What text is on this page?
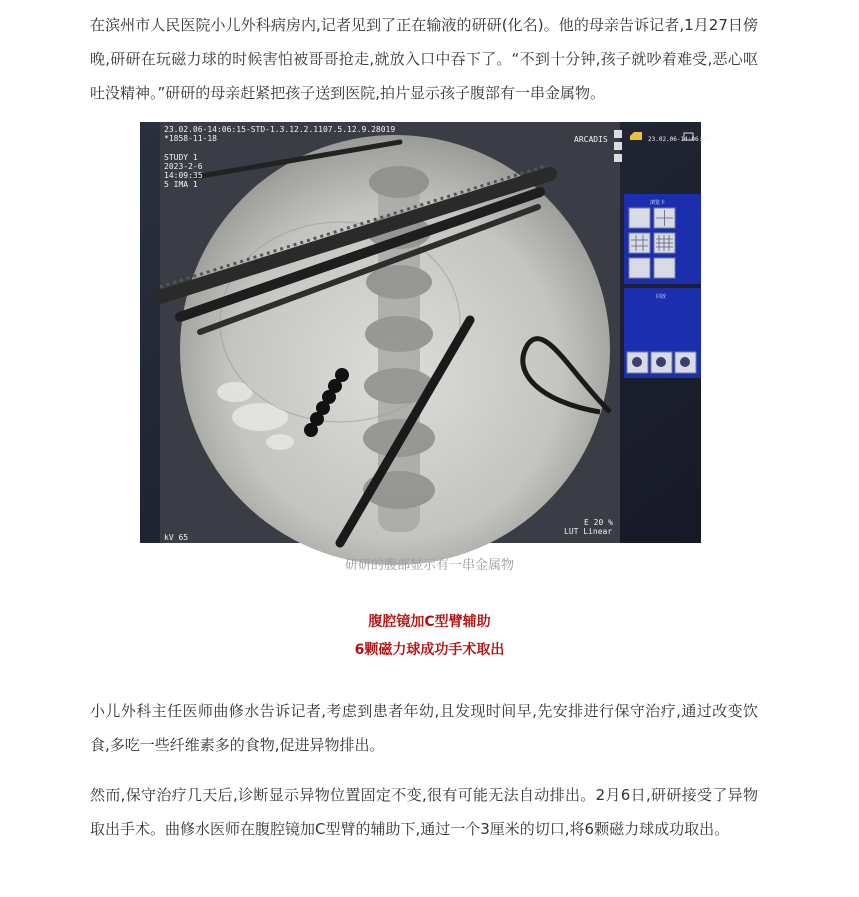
在滨州市人民医院小儿外科病房内,记者见到了正在输液的研研(化名)。他的母亲告诉记者,1月27日傍晚,研研在玩磁力球的时候害怕被哥哥抢走,就放入口中吞下了。“不到十分钟,孩子就吵着难受,恶心呕吐没精神。”研研的母亲赶紧把孩子送到医院,拍片显示孩子腹部有一串金属物。

23.02.06-14:06:15-STD-1.3.12.2.1107.5.12.9.28019
*1858-11-18
STUDY 1
2023-2-6
14:09:35
5 IMA 1
ARCADIS
E 20 %
LUT Linear
kV 65
23.02.06-14:06:15
浏览卡
回放
研研的腹部显示有一串金属物
腹腔镜加C型臂辅助
6颗磁力球成功手术取出

小儿外科主任医师曲修水告诉记者,考虑到患者年幼,且发现时间早,先安排进行保守治疗,通过改变饮食,多吃一些纤维素多的食物,促进异物排出。

然而,保守治疗几天后,诊断显示异物位置固定不变,很有可能无法自动排出。2月6日,研研接受了异物取出手术。曲修水医师在腹腔镜加C型臂的辅助下,通过一个3厘米的切口,将6颗磁力球成功取出。
